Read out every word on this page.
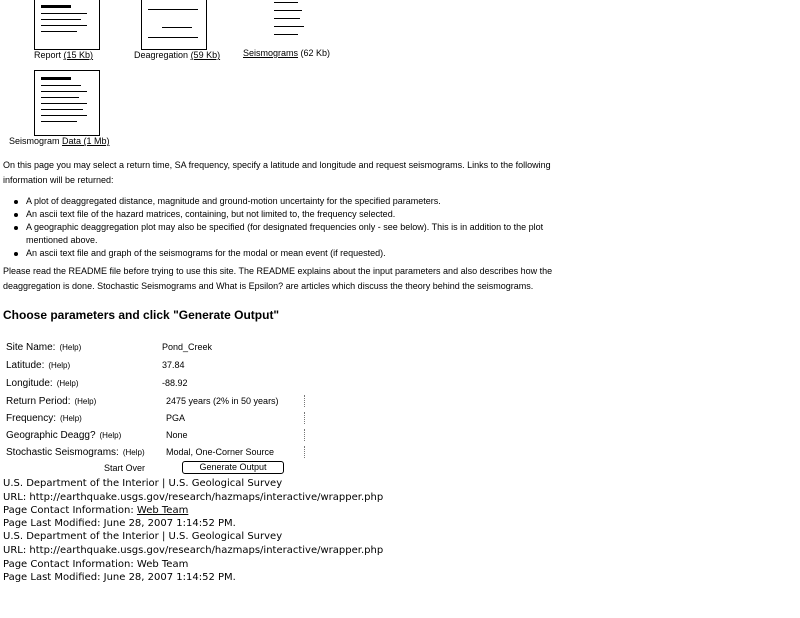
Report (15 Kb)	Deagregation (59 Kb)	Seismograms (62 Kb)
Seismogram Data (1 Mb)

On this page you may select a return time, SA frequency, specify a latitude and longitude and request seismograms. Links to the following information will be returned:

A plot of deaggregated distance, magnitude and ground-motion uncertainty for the specified parameters.
An ascii text file of the hazard matrices, containing, but not limited to, the frequency selected.
A geographic deaggregation plot may also be specified (for designated frequencies only - see below). This is in addition to the plot mentioned above.
An ascii text file and graph of the seismograms for the modal or mean event (if requested).

Please read the README file before trying to use this site. The README explains about the input parameters and also describes how the deaggregation is done. Stochastic Seismograms and What is Epsilon? are articles which discuss the theory behind the seismograms.

Choose parameters and click "Generate Output"
Site Name: (Help)	Pond_Creek
Latitude: (Help)	37.84
Longitude: (Help)	-88.92
Return Period: (Help)	2475 years (2% in 50 years)
Frequency: (Help)	PGA
Geographic Deagg? (Help)	None
Stochastic Seismograms: (Help) Modal, One-Corner Source
Start Over	Generate Output
U.S. Department of the Interior | U.S. Geological Survey
URL: http://earthquake.usgs.gov/research/hazmaps/interactive/wrapper.php
Page Contact Information: Web Team
Page Last Modified: June 28, 2007 1:14:52 PM.
U.S. Department of the Interior | U.S. Geological Survey
URL: http://earthquake.usgs.gov/research/hazmaps/interactive/wrapper.php
Page Contact Information: Web Team
Page Last Modified: June 28, 2007 1:14:52 PM.
